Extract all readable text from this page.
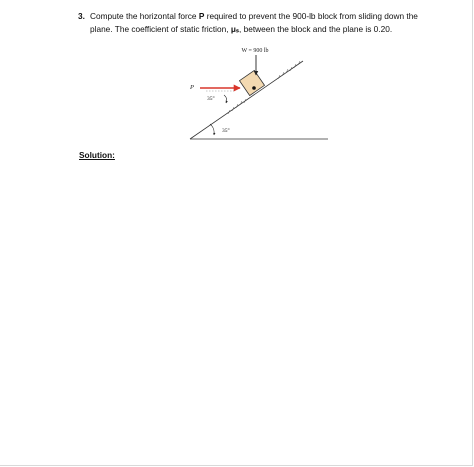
3. Compute the horizontal force P required to prevent the 900-lb block from sliding down the plane. The coefficient of static friction, μₛ, between the block and the plane is 0.20.
W = 900 lb
P
35°
35°
Solution:
